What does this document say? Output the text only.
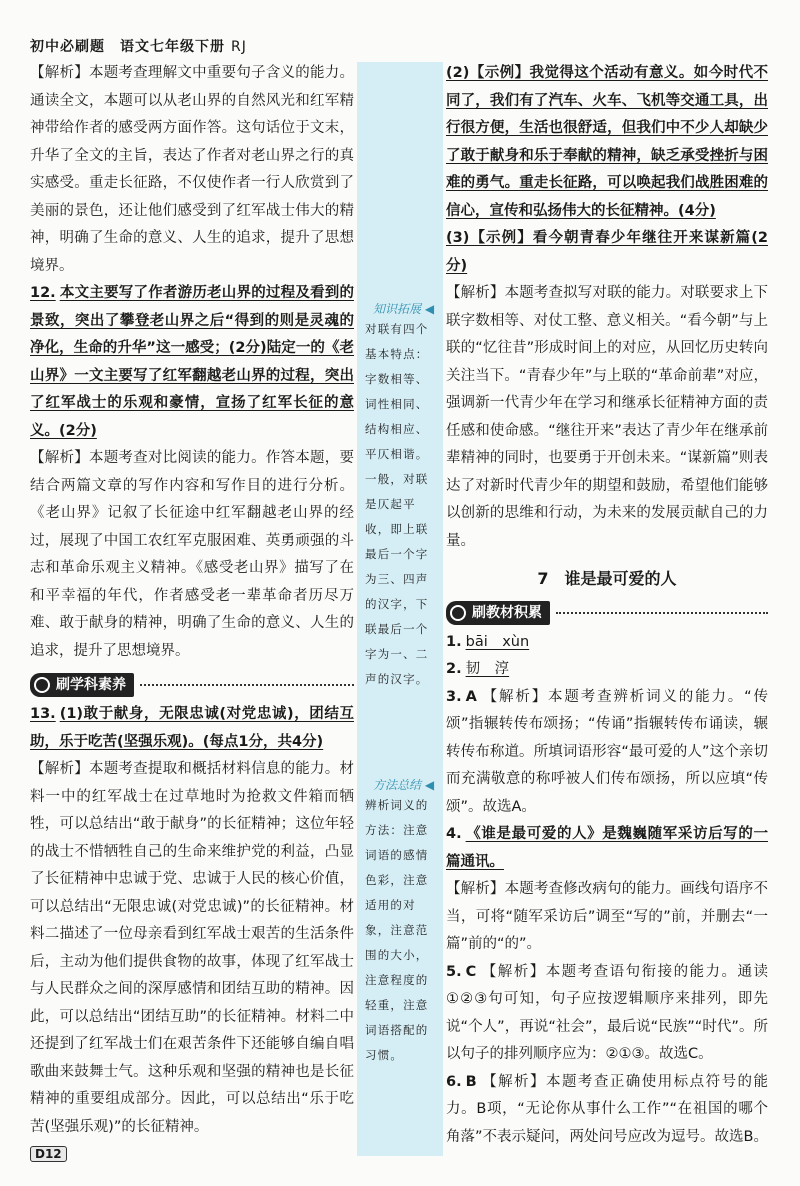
初中必刷题　语文七年级下册 RJ

【解析】本题考查理解文中重要句子含义的能力。通读全文，本题可以从老山界的自然风光和红军精神带给作者的感受两方面作答。这句话位于文末，升华了全文的主旨，表达了作者对老山界之行的真实感受。重走长征路，不仅使作者一行人欣赏到了美丽的景色，还让他们感受到了红军战士伟大的精神，明确了生命的意义、人生的追求，提升了思想境界。

12. 本文主要写了作者游历老山界的过程及看到的景致，突出了攀登老山界之后“得到的则是灵魂的净化，生命的升华”这一感受；(2分)陆定一的《老山界》一文主要写了红军翻越老山界的过程，突出了红军战士的乐观和豪情，宣扬了红军长征的意义。(2分)

【解析】本题考查对比阅读的能力。作答本题，要结合两篇文章的写作内容和写作目的进行分析。《老山界》记叙了长征途中红军翻越老山界的经过，展现了中国工农红军克服困难、英勇顽强的斗志和革命乐观主义精神。《感受老山界》描写了在和平幸福的年代，作者感受老一辈革命者历尽万难、敢于献身的精神，明确了生命的意义、人生的追求，提升了思想境界。

刷学科素养

13. (1)敢于献身，无限忠诚(对党忠诚)，团结互助，乐于吃苦(坚强乐观)。(每点1分，共4分)

【解析】本题考查提取和概括材料信息的能力。材料一中的红军战士在过草地时为抢救文件箱而牺牲，可以总结出“敢于献身”的长征精神；这位年轻的战士不惜牺牲自己的生命来维护党的利益，凸显了长征精神中忠诚于党、忠诚于人民的核心价值，可以总结出“无限忠诚(对党忠诚)”的长征精神。材料二描述了一位母亲看到红军战士艰苦的生活条件后，主动为他们提供食物的故事，体现了红军战士与人民群众之间的深厚感情和团结互助的精神。因此，可以总结出“团结互助”的长征精神。材料二中还提到了红军战士们在艰苦条件下还能够自编自唱歌曲来鼓舞士气。这种乐观和坚强的精神也是长征精神的重要组成部分。因此，可以总结出“乐于吃苦(坚强乐观)”的长征精神。

知识拓展 ◀
对联有四个基本特点：字数相等、词性相同、结构相应、平仄相谐。一般，对联是仄起平收，即上联最后一个字为三、四声的汉字，下联最后一个字为一、二声的汉字。
方法总结 ◀
辨析词义的方法：注意词语的感情色彩，注意适用的对象，注意范围的大小，注意程度的轻重，注意词语搭配的习惯。

(2)【示例】我觉得这个活动有意义。如今时代不同了，我们有了汽车、火车、飞机等交通工具，出行很方便，生活也很舒适，但我们中不少人却缺少了敢于献身和乐于奉献的精神，缺乏承受挫折与困难的勇气。重走长征路，可以唤起我们战胜困难的信心，宣传和弘扬伟大的长征精神。(4分)

(3)【示例】看今朝青春少年继往开来谋新篇(2分)

【解析】本题考查拟写对联的能力。对联要求上下联字数相等、对仗工整、意义相关。“看今朝”与上联的“忆往昔”形成时间上的对应，从回忆历史转向关注当下。“青春少年”与上联的“革命前辈”对应，强调新一代青少年在学习和继承长征精神方面的责任感和使命感。“继往开来”表达了青少年在继承前辈精神的同时，也要勇于开创未来。“谋新篇”则表达了对新时代青少年的期望和鼓励，希望他们能够以创新的思维和行动，为未来的发展贡献自己的力量。

7　谁是最可爱的人
刷教材积累

1. bāi　xùn

2. 韧　淳

3. A 【解析】本题考查辨析词义的能力。“传颂”指辗转传布颂扬；“传诵”指辗转传布诵读，辗转传布称道。所填词语形容“最可爱的人”这个亲切而充满敬意的称呼被人们传布颂扬，所以应填“传颂”。故选A。

4. 《谁是最可爱的人》是魏巍随军采访后写的一篇通讯。

【解析】本题考查修改病句的能力。画线句语序不当，可将“随军采访后”调至“写的”前，并删去“一篇”前的“的”。

5. C 【解析】本题考查语句衔接的能力。通读①②③句可知，句子应按逻辑顺序来排列，即先说“个人”，再说“社会”，最后说“民族”“时代”。所以句子的排列顺序应为：②①③。故选C。

6. B 【解析】本题考查正确使用标点符号的能力。B项，“无论你从事什么工作”“在祖国的哪个角落”不表示疑问，两处问号应改为逗号。故选B。

D12
